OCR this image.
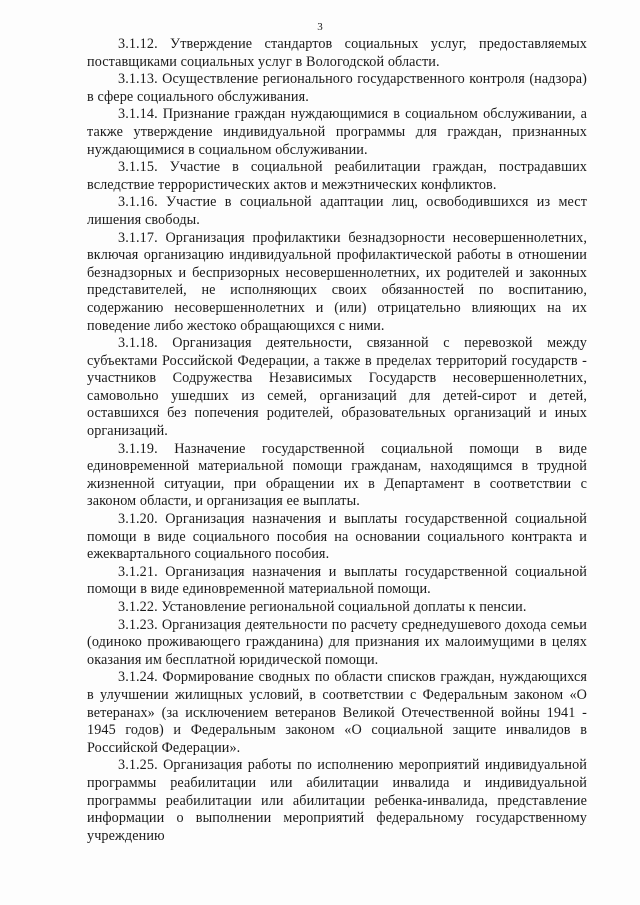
3

3.1.12. Утверждение стандартов социальных услуг, предоставляемых поставщиками социальных услуг в Вологодской области.

3.1.13. Осуществление регионального государственного контроля (надзора) в сфере социального обслуживания.

3.1.14. Признание граждан нуждающимися в социальном обслуживании, а также утверждение индивидуальной программы для граждан, признанных нуждающимися в социальном обслуживании.

3.1.15. Участие в социальной реабилитации граждан, пострадавших вследствие террористических актов и межэтнических конфликтов.

3.1.16. Участие в социальной адаптации лиц, освободившихся из мест лишения свободы.

3.1.17. Организация профилактики безнадзорности несовершеннолетних, включая организацию индивидуальной профилактической работы в отношении безнадзорных и беспризорных несовершеннолетних, их родителей и законных представителей, не исполняющих своих обязанностей по воспитанию, содержанию несовершеннолетних и (или) отрицательно влияющих на их поведение либо жестоко обращающихся с ними.

3.1.18. Организация деятельности, связанной с перевозкой между субъектами Российской Федерации, а также в пределах территорий государств - участников Содружества Независимых Государств несовершеннолетних, самовольно ушедших из семей, организаций для детей-сирот и детей, оставшихся без попечения родителей, образовательных организаций и иных организаций.

3.1.19. Назначение государственной социальной помощи в виде единовременной материальной помощи гражданам, находящимся в трудной жизненной ситуации, при обращении их в Департамент в соответствии с законом области, и организация ее выплаты.

3.1.20. Организация назначения и выплаты государственной социальной помощи в виде социального пособия на основании социального контракта и ежеквартального социального пособия.

3.1.21. Организация назначения и выплаты государственной социальной помощи в виде единовременной материальной помощи.

3.1.22. Установление региональной социальной доплаты к пенсии.

3.1.23. Организация деятельности по расчету среднедушевого дохода семьи (одиноко проживающего гражданина) для признания их малоимущими в целях оказания им бесплатной юридической помощи.

3.1.24. Формирование сводных по области списков граждан, нуждающихся в улучшении жилищных условий, в соответствии с Федеральным законом «О ветеранах» (за исключением ветеранов Великой Отечественной войны 1941 - 1945 годов) и Федеральным законом «О социальной защите инвалидов в Российской Федерации».

3.1.25. Организация работы по исполнению мероприятий индивидуальной программы реабилитации или абилитации инвалида и индивидуальной программы реабилитации или абилитации ребенка-инвалида, представление информации о выполнении мероприятий федеральному государственному учреждению
